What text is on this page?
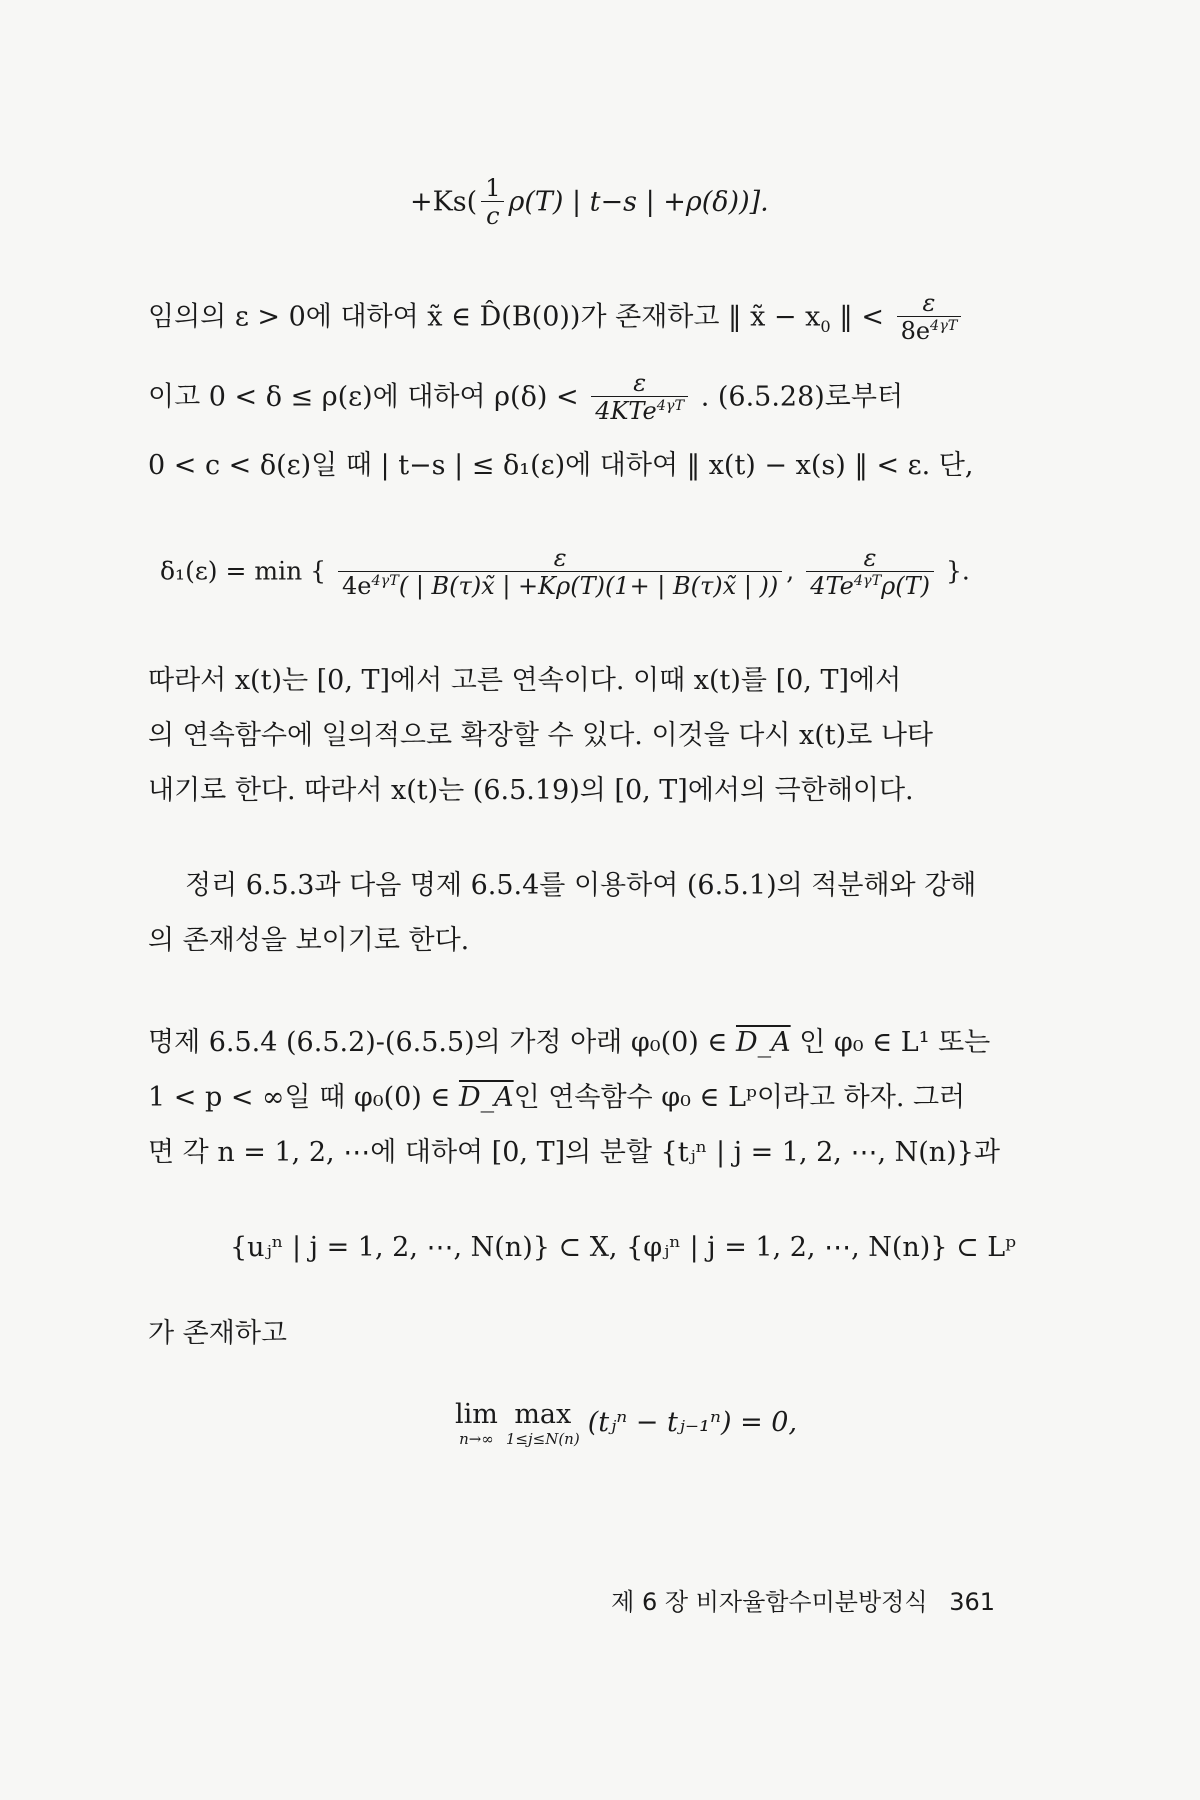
$+Ks( \frac{1}{c} \rho(T)$ | t−s | +ρ(δ))].
임의의 ε > 0에 대하여 x̃ ∈ D̂(B(0))가 존재하고 ‖ x̃ − $x_0$ ‖ < $\frac{\varepsilon}{8e^{4\gamma T}}$
이고 0 < δ ≤ ρ(ε)에 대하여 $\rho(\delta) < \frac{\varepsilon}{4KTe^{4\gamma T}}$ . (6.5.28)로부터
0 < c < δ(ε)일 때 | t−s | ≤ δ₁(ε)에 대하여 ‖ x(t) − x(s) ‖ < ε. 단,
δ₁(ε) = min { $\frac{\varepsilon}{4e^{4\gamma T}( | B(\tau)x̃ | +K\rho(T)(1+ | B(\tau)x̃ | ))}$ , $\frac{\varepsilon}{4Te^{4\gamma T}\rho(T)}$ }.
따라서 x(t)는 [0, T]에서 고른 연속이다. 이때 x(t)를 [0, T]에서
의 연속함수에 일의적으로 확장할 수 있다. 이것을 다시 x(t)로 나타
내기로 한다. 따라서 x(t)는 (6.5.19)의 [0, T]에서의 극한해이다.
정리 6.5.3과 다음 명제 6.5.4를 이용하여 (6.5.1)의 적분해와 강해
의 존재성을 보이기로 한다.
명제 6.5.4 (6.5.2)-(6.5.5)의 가정 아래 φ₀(0) ∈ D_A 인 φ₀ ∈ L¹ 또는
1 < p < ∞일 때 φ₀(0) ∈ D_A인 연속함수 φ₀ ∈ Lᵖ이라고 하자. 그러
면 각 n = 1, 2, ⋯에 대하여 [0, T]의 분할 {tⱼⁿ | j = 1, 2, ⋯, N(n)}과
{uⱼⁿ | j = 1, 2, ⋯, N(n)} ⊂ X, {φⱼⁿ | j = 1, 2, ⋯, N(n)} ⊂ Lᵖ
가 존재하고
lim
n→∞
max
1≤j≤N(n)
(tⱼⁿ − tⱼ₋₁ⁿ) = 0,
제 6 장 비자율함수미분방정식 361
